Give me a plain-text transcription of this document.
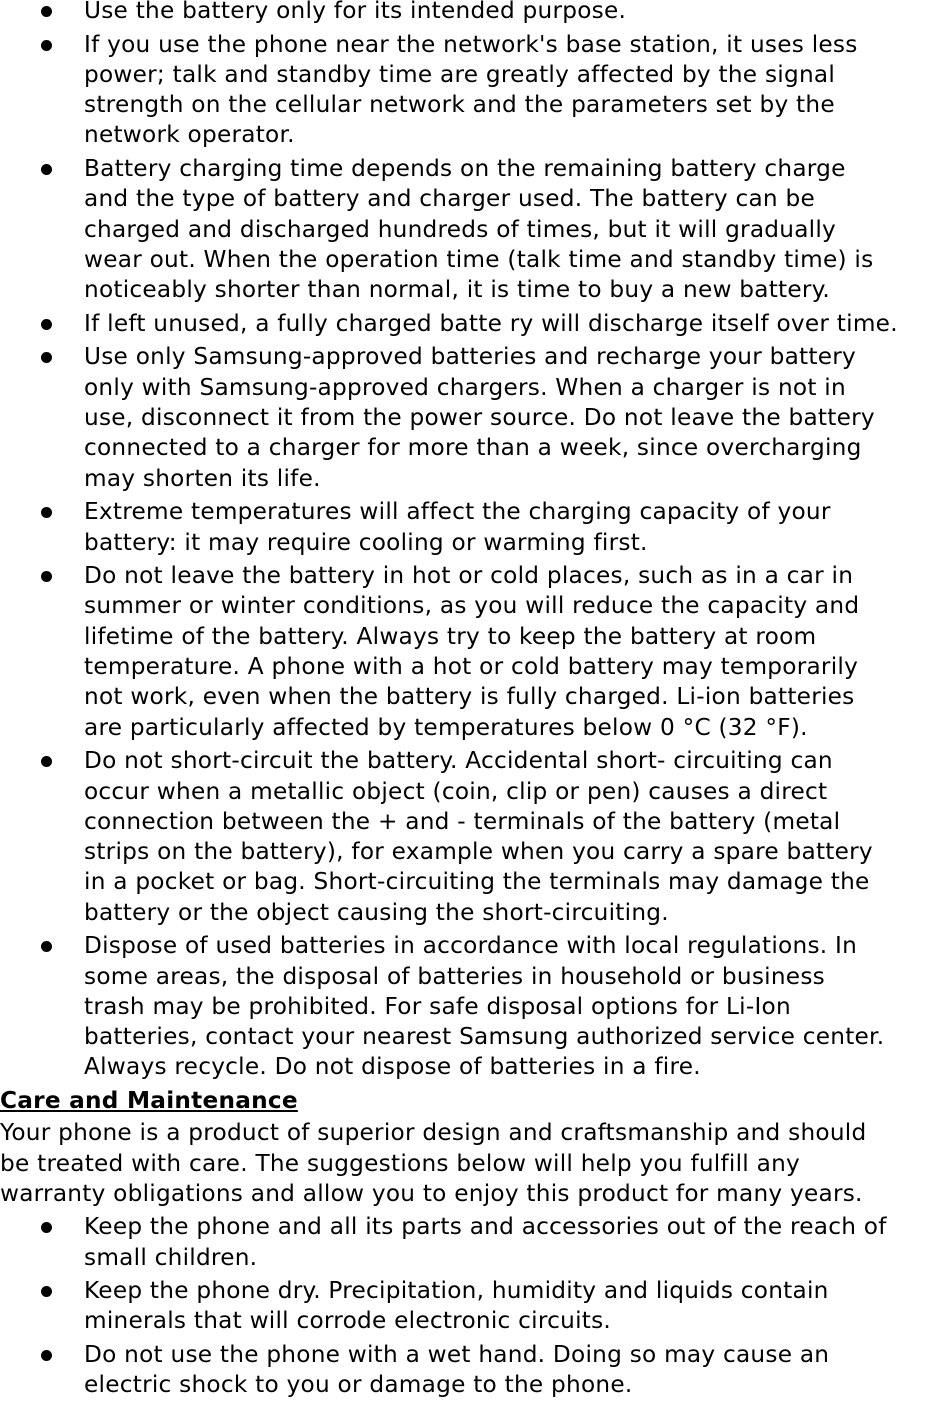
Use the battery only for its intended purpose.
If you use the phone near the network's base station, it uses less
power; talk and standby time are greatly affected by the signal
strength on the cellular network and the parameters set by the
network operator.
Battery charging time depends on the remaining battery charge
and the type of battery and charger used. The battery can be
charged and discharged hundreds of times, but it will gradually
wear out. When the operation time (talk time and standby time) is
noticeably shorter than normal, it is time to buy a new battery.
If left unused, a fully charged batte ry will discharge itself over time.
Use only Samsung-approved batteries and recharge your battery
only with Samsung-approved chargers. When a charger is not in
use, disconnect it from the power source. Do not leave the battery
connected to a charger for more than a week, since overcharging
may shorten its life.
Extreme temperatures will affect the charging capacity of your
battery: it may require cooling or warming first.
Do not leave the battery in hot or cold places, such as in a car in
summer or winter conditions, as you will reduce the capacity and
lifetime of the battery. Always try to keep the battery at room
temperature. A phone with a hot or cold battery may temporarily
not work, even when the battery is fully charged. Li-ion batteries
are particularly affected by temperatures below 0 °C (32 °F).
Do not short-circuit the battery. Accidental short- circuiting can
occur when a metallic object (coin, clip or pen) causes a direct
connection between the + and - terminals of the battery (metal
strips on the battery), for example when you carry a spare battery
in a pocket or bag. Short-circuiting the terminals may damage the
battery or the object causing the short-circuiting.
Dispose of used batteries in accordance with local regulations. In
some areas, the disposal of batteries in household or business
trash may be prohibited. For safe disposal options for Li-Ion
batteries, contact your nearest Samsung authorized service center.
Always recycle. Do not dispose of batteries in a fire.
Care and Maintenance
Your phone is a product of superior design and craftsmanship and should
be treated with care. The suggestions below will help you fulfill any
warranty obligations and allow you to enjoy this product for many years.
Keep the phone and all its parts and accessories out of the reach of
small children.
Keep the phone dry. Precipitation, humidity and liquids contain
minerals that will corrode electronic circuits.
Do not use the phone with a wet hand. Doing so may cause an
electric shock to you or damage to the phone.
